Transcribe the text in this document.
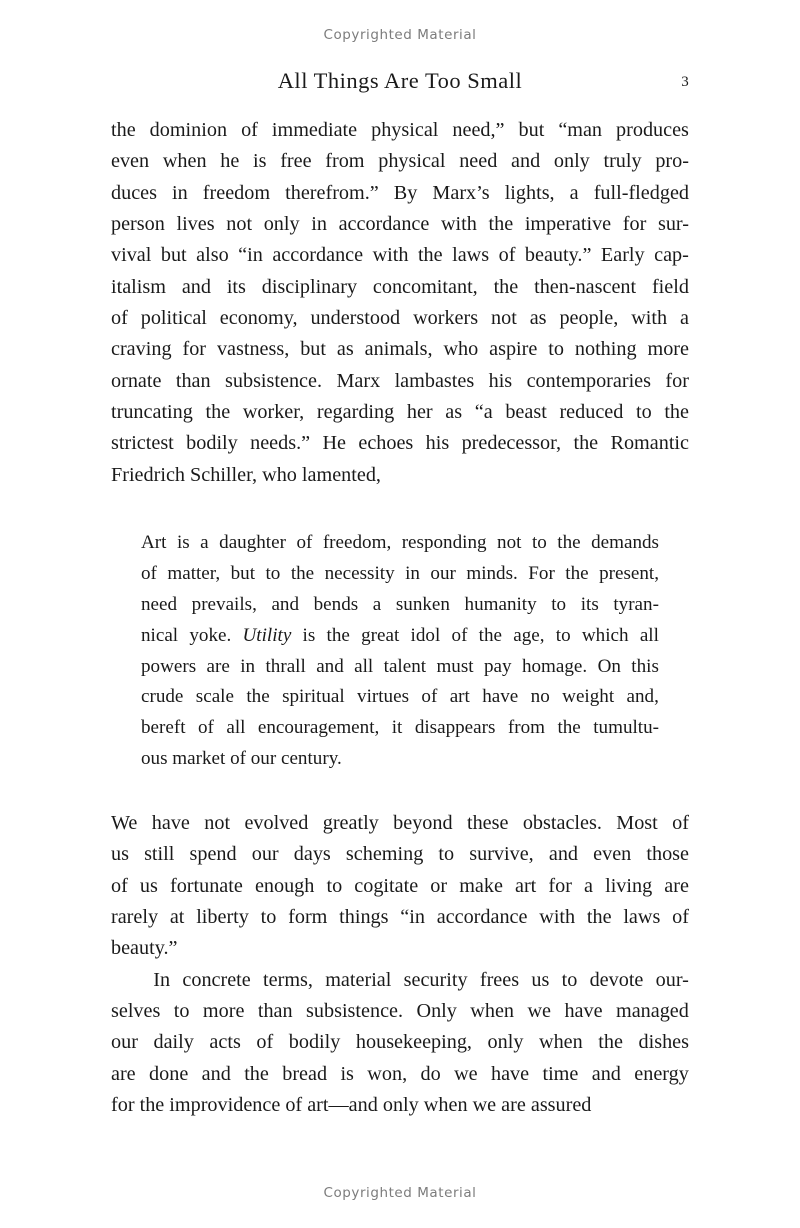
Copyrighted Material
All Things Are Too Small	3
the dominion of immediate physical need,” but “man produces
even when he is free from physical need and only truly pro-
duces in freedom therefrom.” By Marx’s lights, a full-fledged
person lives not only in accordance with the imperative for sur-
vival but also “in accordance with the laws of beauty.” Early cap-
italism and its disciplinary concomitant, the then-nascent field
of political economy, understood workers not as people, with a
craving for vastness, but as animals, who aspire to nothing more
ornate than subsistence. Marx lambastes his contemporaries for
truncating the worker, regarding her as “a beast reduced to the
strictest bodily needs.” He echoes his predecessor, the Romantic
Friedrich Schiller, who lamented,
Art is a daughter of freedom, responding not to the demands
of matter, but to the necessity in our minds. For the present,
need prevails, and bends a sunken humanity to its tyran-
nical yoke. Utility is the great idol of the age, to which all
powers are in thrall and all talent must pay homage. On this
crude scale the spiritual virtues of art have no weight and,
bereft of all encouragement, it disappears from the tumultu-
ous market of our century.
We have not evolved greatly beyond these obstacles. Most of
us still spend our days scheming to survive, and even those
of us fortunate enough to cogitate or make art for a living are
rarely at liberty to form things “in accordance with the laws of
beauty.”
In concrete terms, material security frees us to devote our-
selves to more than subsistence. Only when we have managed
our daily acts of bodily housekeeping, only when the dishes
are done and the bread is won, do we have time and energy
for the improvidence of art—and only when we are assured
Copyrighted Material
